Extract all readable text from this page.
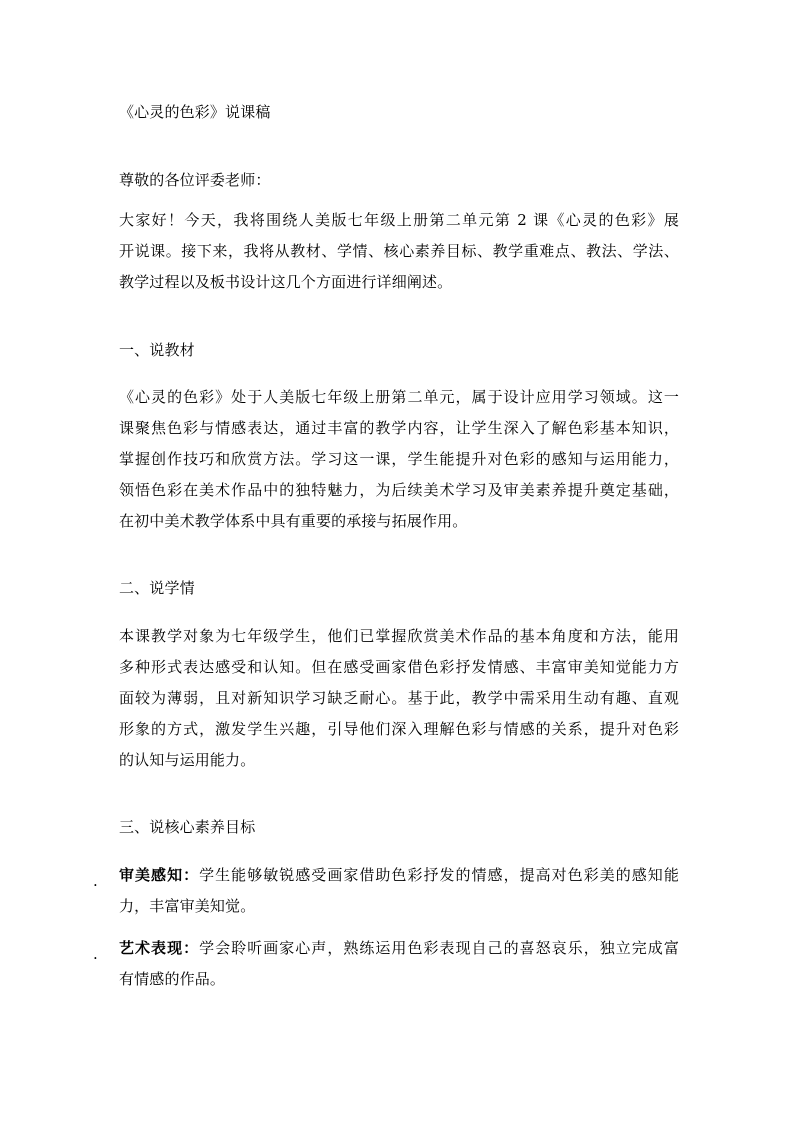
《心灵的色彩》说课稿
尊敬的各位评委老师：
大家好！今天，我将围绕人美版七年级上册第二单元第 2 课《心灵的色彩》展
开说课。接下来，我将从教材、学情、核心素养目标、教学重难点、教法、学法、
教学过程以及板书设计这几个方面进行详细阐述。
一、说教材
《心灵的色彩》处于人美版七年级上册第二单元，属于设计应用学习领域。这一
课聚焦色彩与情感表达，通过丰富的教学内容，让学生深入了解色彩基本知识，
掌握创作技巧和欣赏方法。学习这一课，学生能提升对色彩的感知与运用能力，
领悟色彩在美术作品中的独特魅力，为后续美术学习及审美素养提升奠定基础，
在初中美术教学体系中具有重要的承接与拓展作用。
二、说学情
本课教学对象为七年级学生，他们已掌握欣赏美术作品的基本角度和方法，能用
多种形式表达感受和认知。但在感受画家借色彩抒发情感、丰富审美知觉能力方
面较为薄弱，且对新知识学习缺乏耐心。基于此，教学中需采用生动有趣、直观
形象的方式，激发学生兴趣，引导他们深入理解色彩与情感的关系，提升对色彩
的认知与运用能力。
三、说核心素养目标
. 审美感知：学生能够敏锐感受画家借助色彩抒发的情感，提高对色彩美的感知能
力，丰富审美知觉。
. 艺术表现：学会聆听画家心声，熟练运用色彩表现自己的喜怒哀乐，独立完成富
有情感的作品。
